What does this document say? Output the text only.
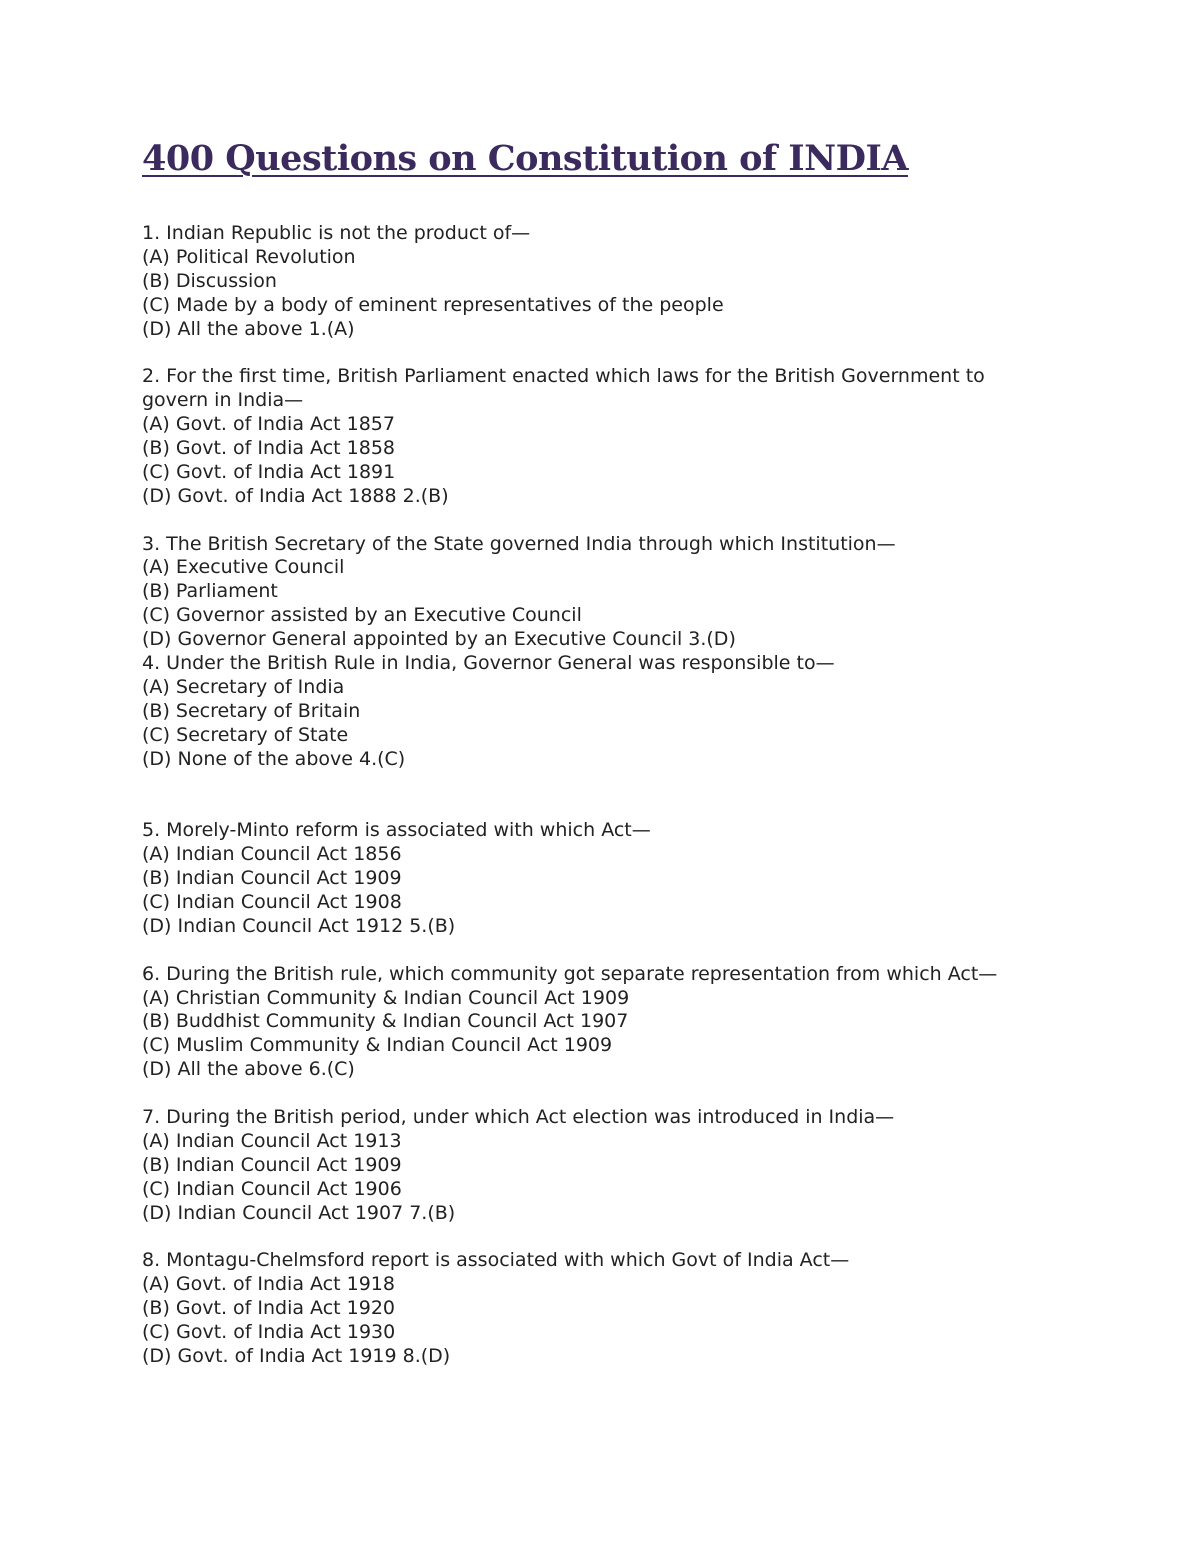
400 Questions on Constitution of INDIA
1. Indian Republic is not the product of—
(A) Political Revolution
(B) Discussion
(C) Made by a body of eminent representatives of the people
(D) All the above 1.(A)
2. For the first time, British Parliament enacted which laws for the British Government to
govern in India—
(A) Govt. of India Act 1857
(B) Govt. of India Act 1858
(C) Govt. of India Act 1891
(D) Govt. of India Act 1888 2.(B)
3. The British Secretary of the State governed India through which Institution—
(A) Executive Council
(B) Parliament
(C) Governor assisted by an Executive Council
(D) Governor General appointed by an Executive Council 3.(D)
4. Under the British Rule in India, Governor General was responsible to—
(A) Secretary of India
(B) Secretary of Britain
(C) Secretary of State
(D) None of the above 4.(C)
5. Morely-Minto reform is associated with which Act—
(A) Indian Council Act 1856
(B) Indian Council Act 1909
(C) Indian Council Act 1908
(D) Indian Council Act 1912 5.(B)
6. During the British rule, which community got separate representation from which Act—
(A) Christian Community & Indian Council Act 1909
(B) Buddhist Community & Indian Council Act 1907
(C) Muslim Community & Indian Council Act 1909
(D) All the above 6.(C)
7. During the British period, under which Act election was introduced in India—
(A) Indian Council Act 1913
(B) Indian Council Act 1909
(C) Indian Council Act 1906
(D) Indian Council Act 1907 7.(B)
8. Montagu-Chelmsford report is associated with which Govt of India Act—
(A) Govt. of India Act 1918
(B) Govt. of India Act 1920
(C) Govt. of India Act 1930
(D) Govt. of India Act 1919 8.(D)
